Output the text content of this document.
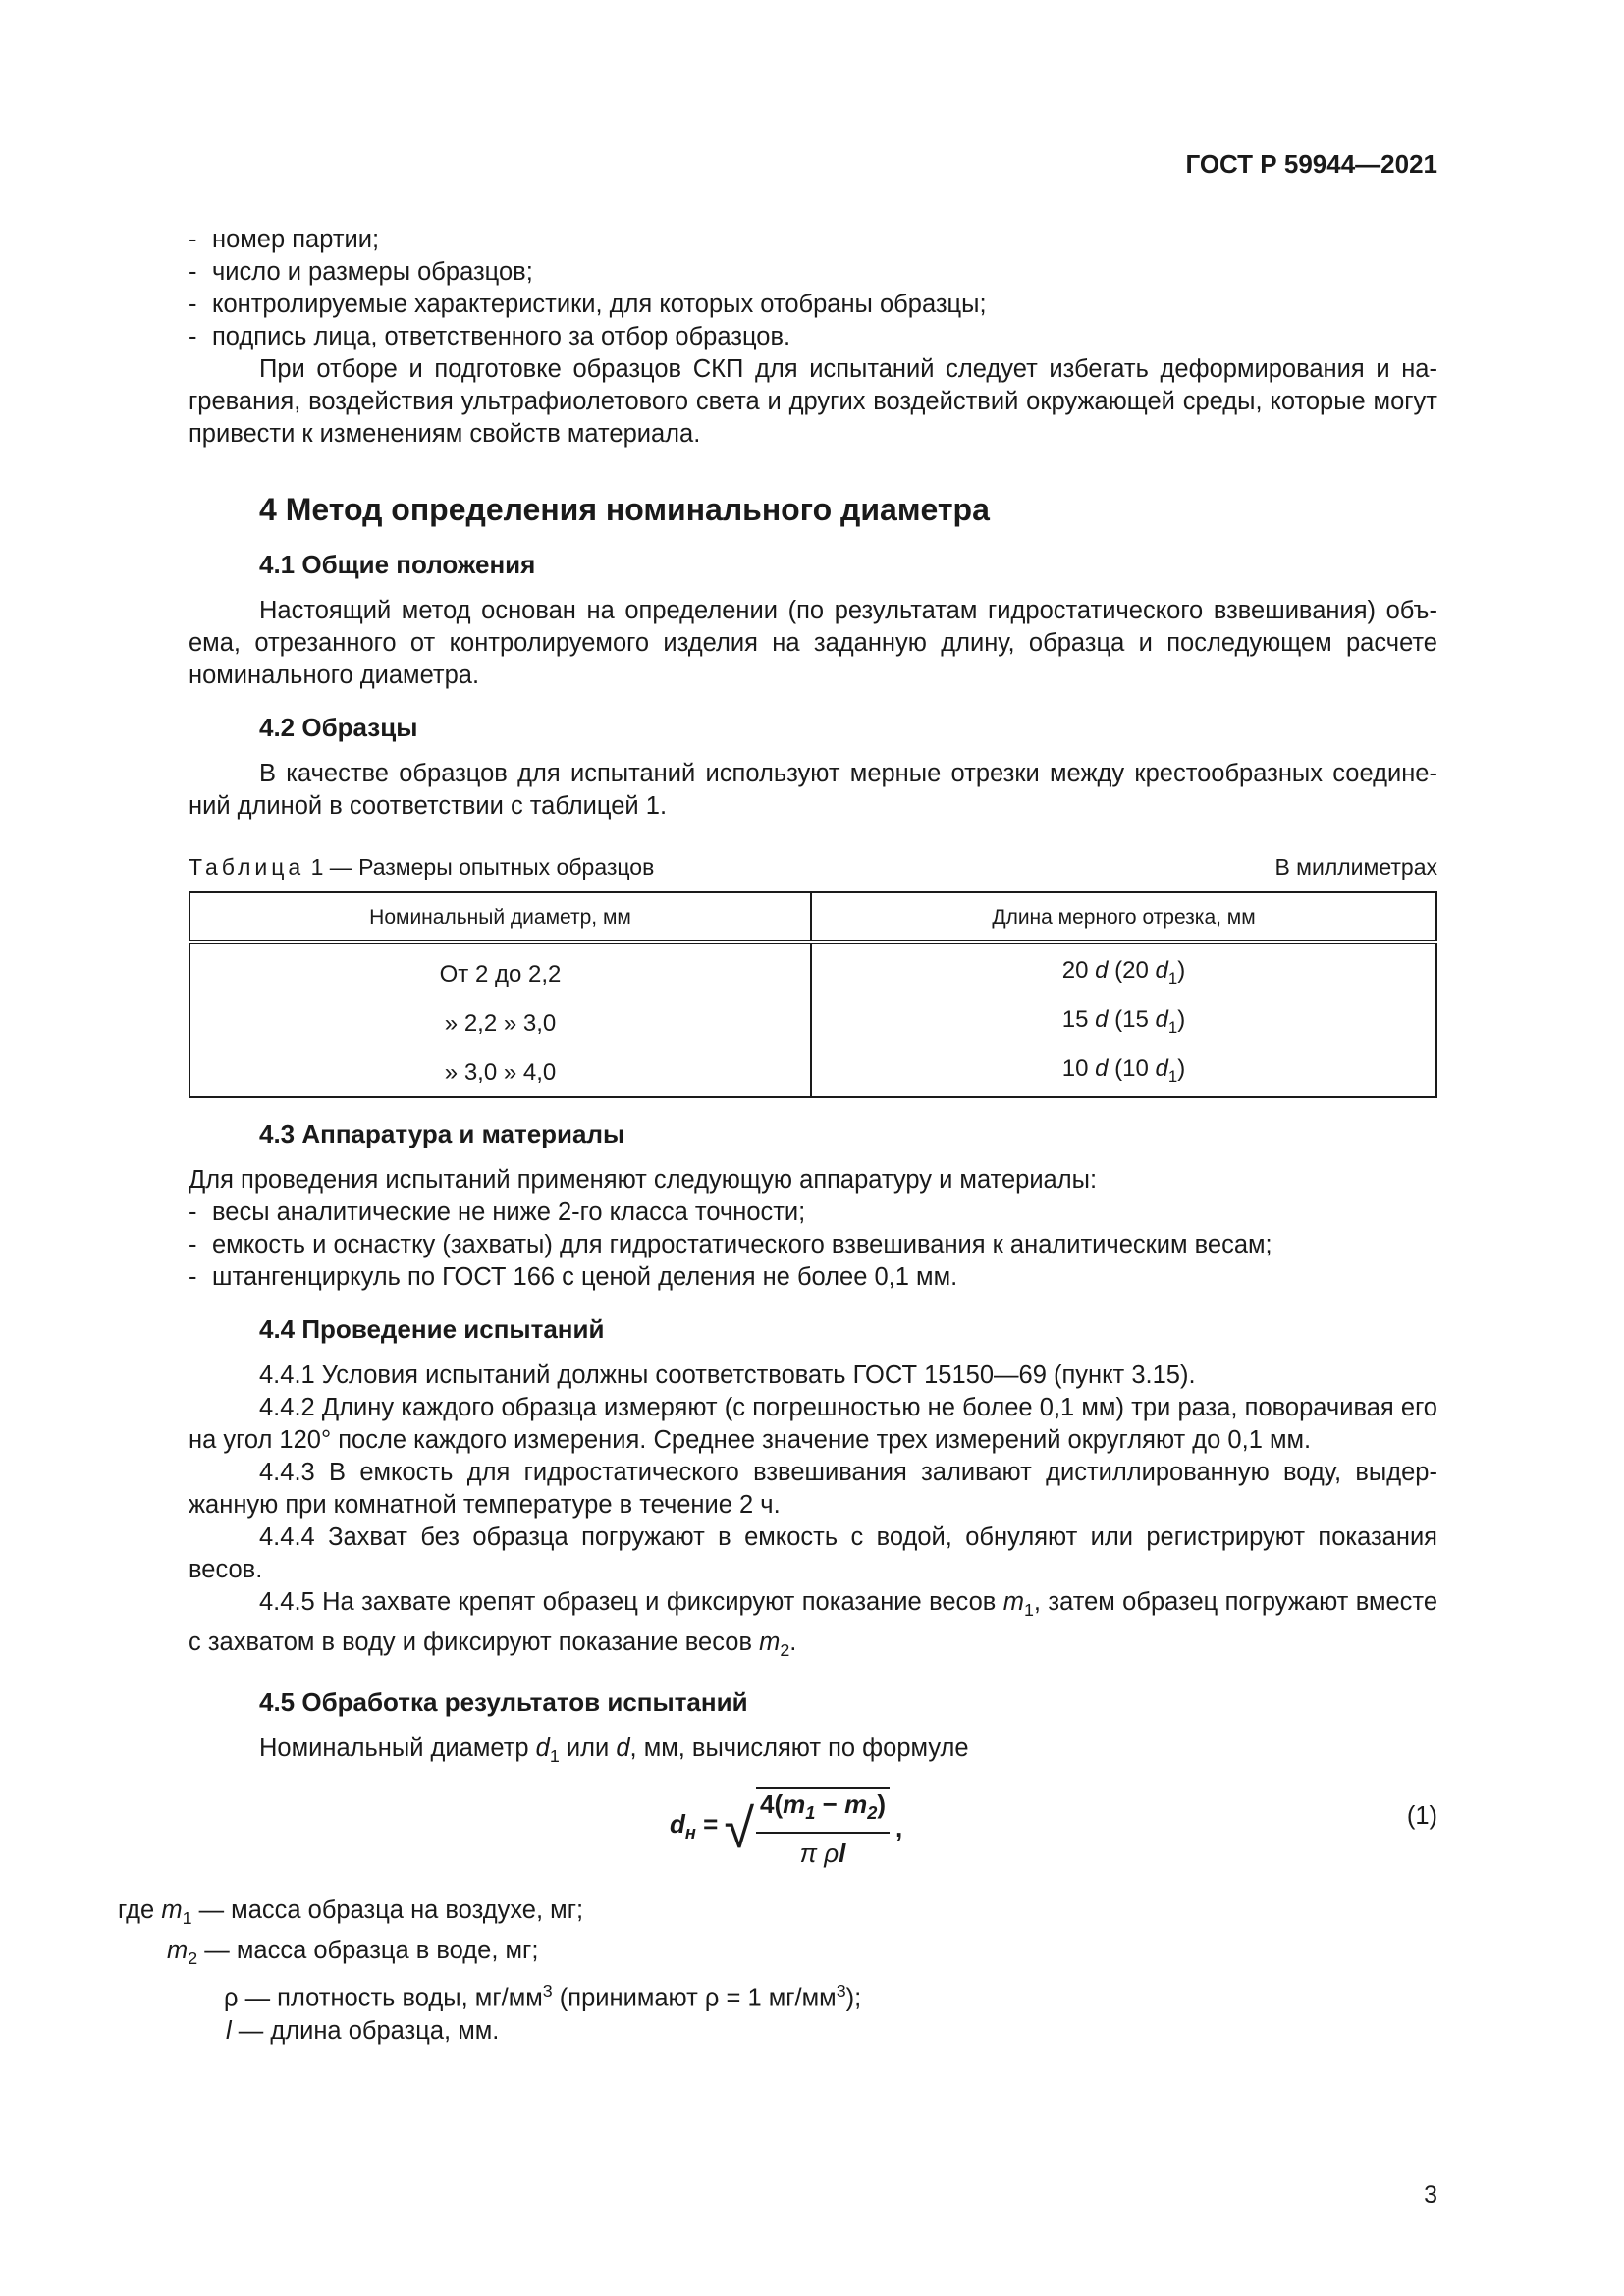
ГОСТ Р 59944—2021
- номер партии;
- число и размеры образцов;
- контролируемые характеристики, для которых отобраны образцы;
- подпись лица, ответственного за отбор образцов.

При отборе и подготовке образцов СКП для испытаний следует избегать деформирования и нагревания, воздействия ультрафиолетового света и других воздействий окружающей среды, которые могут привести к изменениям свойств материала.

4 Метод определения номинального диаметра
4.1 Общие положения

Настоящий метод основан на определении (по результатам гидростатического взвешивания) объема, отрезанного от контролируемого изделия на заданную длину, образца и последующем расчете номинального диаметра.

4.2 Образцы

В качестве образцов для испытаний используют мерные отрезки между крестообразных соединений длиной в соответствии с таблицей 1.

Таблица 1 — Размеры опытных образцов	В миллиметрах
Номинальный диаметр, мм	Длина мерного отрезка, мм
От 2 до 2,2	20 d (20 $d_1$)
» 2,2 » 3,0	15 d (15 $d_1$)
» 3,0 » 4,0	10 d (10 $d_1$)
4.3 Аппаратура и материалы

Для проведения испытаний применяют следующую аппаратуру и материалы:

- весы аналитические не ниже 2-го класса точности;
- емкость и оснастку (захваты) для гидростатического взвешивания к аналитическим весам;
- штангенциркуль по ГОСТ 166 с ценой деления не более 0,1 мм.
4.4 Проведение испытаний

4.4.1 Условия испытаний должны соответствовать ГОСТ 15150—69 (пункт 3.15).

4.4.2 Длину каждого образца измеряют (с погрешностью не более 0,1 мм) три раза, поворачивая его на угол 120° после каждого измерения. Среднее значение трех измерений округляют до 0,1 мм.

4.4.3 В емкость для гидростатического взвешивания заливают дистиллированную воду, выдержанную при комнатной температуре в течение 2 ч.

4.4.4 Захват без образца погружают в емкость с водой, обнуляют или регистрируют показания весов.

4.4.5 На захвате крепят образец и фиксируют показание весов $m_1$, затем образец погружают вместе с захватом в воду и фиксируют показание весов $m_2$.

4.5 Обработка результатов испытаний

Номинальный диаметр $d_1$ или d, мм, вычисляют по формуле

$d_н$ = √ $\frac{4(m_1 - m_2)}{\text{π ρl}}$ ,	(1)
где $m_1$ — масса образца на воздухе, мг;
$m_2$ — масса образца в воде, мг;
ρ — плотность воды, $мг/мм^3$ (принимают ρ = 1 $мг/мм^3$);
l — длина образца, мм.
3
